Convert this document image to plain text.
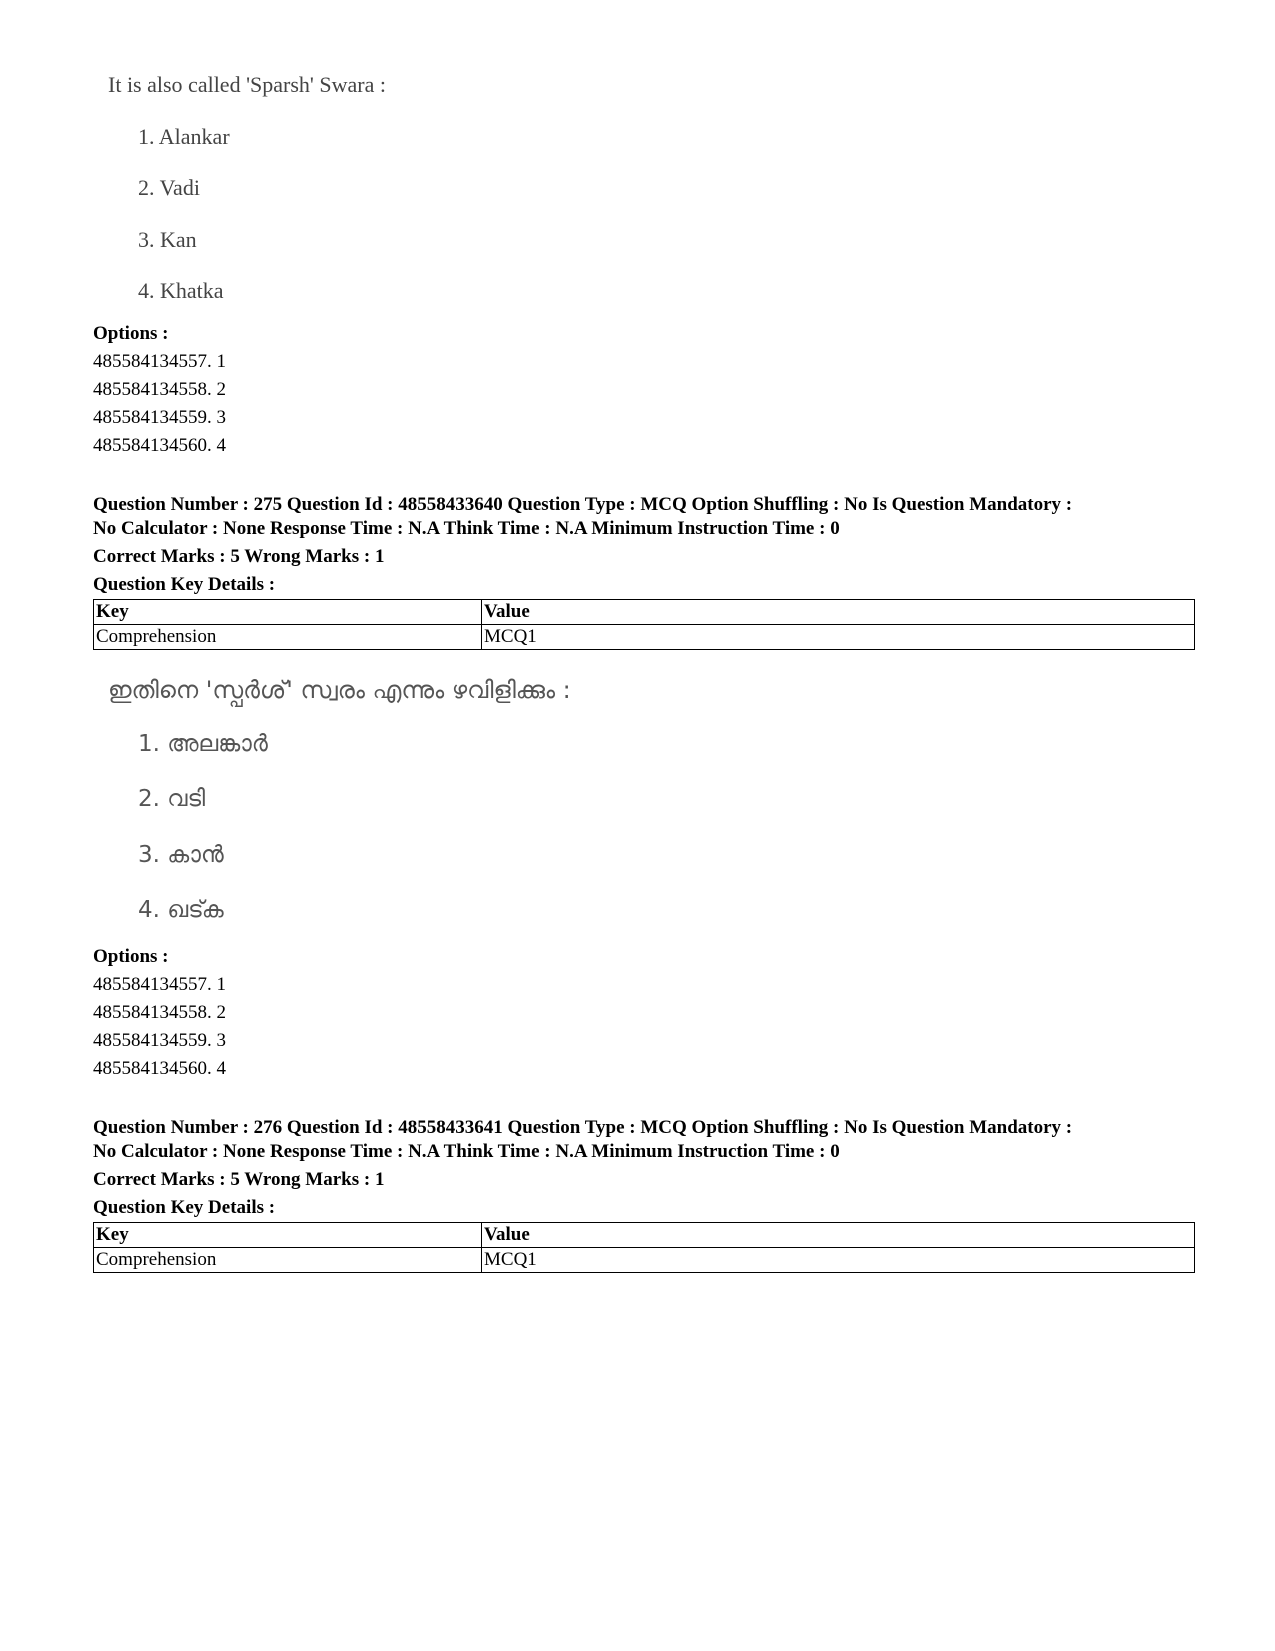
It is also called 'Sparsh' Swara :
1. Alankar
2. Vadi
3. Kan
4. Khatka
Options :
485584134557. 1
485584134558. 2
485584134559. 3
485584134560. 4
Question Number : 275 Question Id : 48558433640 Question Type : MCQ Option Shuffling : No Is Question Mandatory :
No Calculator : None Response Time : N.A Think Time : N.A Minimum Instruction Time : 0
Correct Marks : 5 Wrong Marks : 1
Question Key Details :
Key	Value
Comprehension	MCQ1
ഇതിനെ 'സ്പർശ്' സ്വരം എന്നും ഴവിളിക്കും :
1. അലങ്കാർ
2. വടി
3. കാൻ
4. ഖട്ക
Options :
485584134557. 1
485584134558. 2
485584134559. 3
485584134560. 4
Question Number : 276 Question Id : 48558433641 Question Type : MCQ Option Shuffling : No Is Question Mandatory :
No Calculator : None Response Time : N.A Think Time : N.A Minimum Instruction Time : 0
Correct Marks : 5 Wrong Marks : 1
Question Key Details :
Key	Value
Comprehension	MCQ1
